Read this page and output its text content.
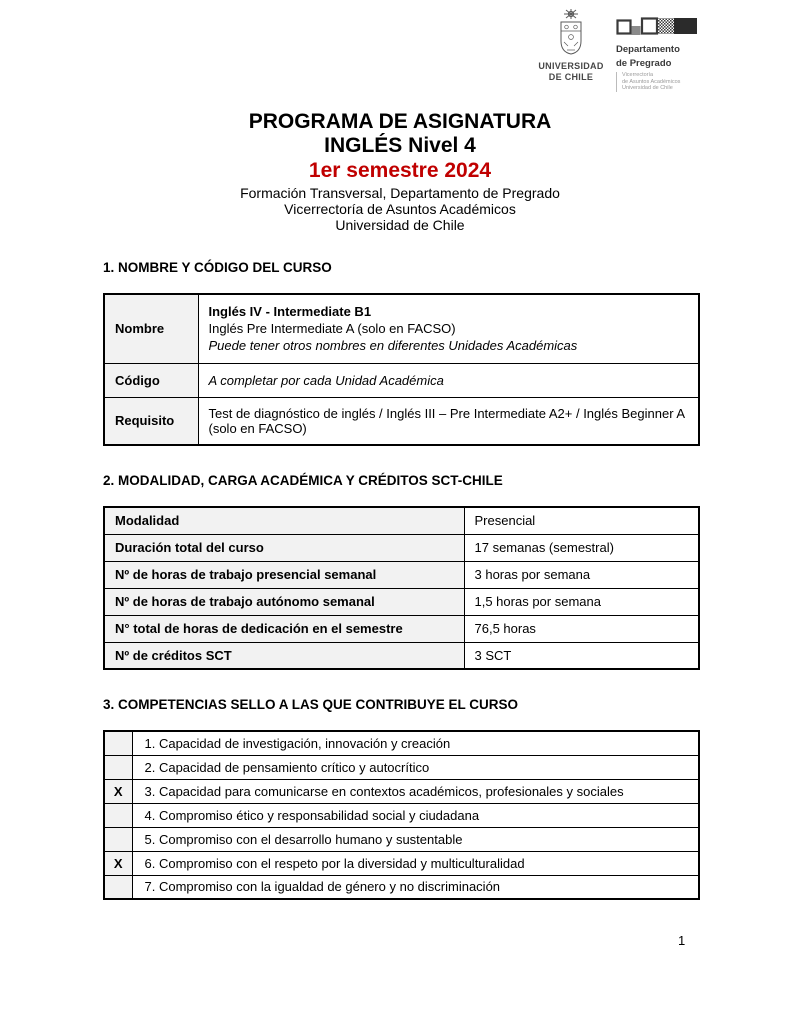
UNIVERSIDAD
DE CHILE
Departamento
de Pregrado
Vicerrectoría
de Asuntos Académicos
Universidad de Chile
PROGRAMA DE ASIGNATURA
INGLÉS Nivel 4
1er semestre 2024
Formación Transversal, Departamento de Pregrado
Vicerrectoría de Asuntos Académicos
Universidad de Chile
1. NOMBRE Y CÓDIGO DEL CURSO
Nombre	Inglés IV - Intermediate B1
Inglés Pre Intermediate A (solo en FACSO)
Puede tener otros nombres en diferentes Unidades Académicas

Código	A completar por cada Unidad Académica
Requisito	Test de diagnóstico de inglés / Inglés III – Pre Intermediate A2+ / Inglés Beginner A (solo en FACSO)
2. MODALIDAD, CARGA ACADÉMICA Y CRÉDITOS SCT-CHILE
Modalidad	Presencial
Duración total del curso	17 semanas (semestral)
Nº de horas de trabajo presencial semanal	3 horas por semana
Nº de horas de trabajo autónomo semanal	1,5 horas por semana
N° total de horas de dedicación en el semestre	76,5 horas
Nº de créditos SCT	3 SCT
3. COMPETENCIAS SELLO A LAS QUE CONTRIBUYE EL CURSO
	1. Capacidad de investigación, innovación y creación
	2. Capacidad de pensamiento crítico y autocrítico
X	3. Capacidad para comunicarse en contextos académicos, profesionales y sociales
	4. Compromiso ético y responsabilidad social y ciudadana
	5. Compromiso con el desarrollo humano y sustentable
X	6. Compromiso con el respeto por la diversidad y multiculturalidad
	7. Compromiso con la igualdad de género y no discriminación
1
